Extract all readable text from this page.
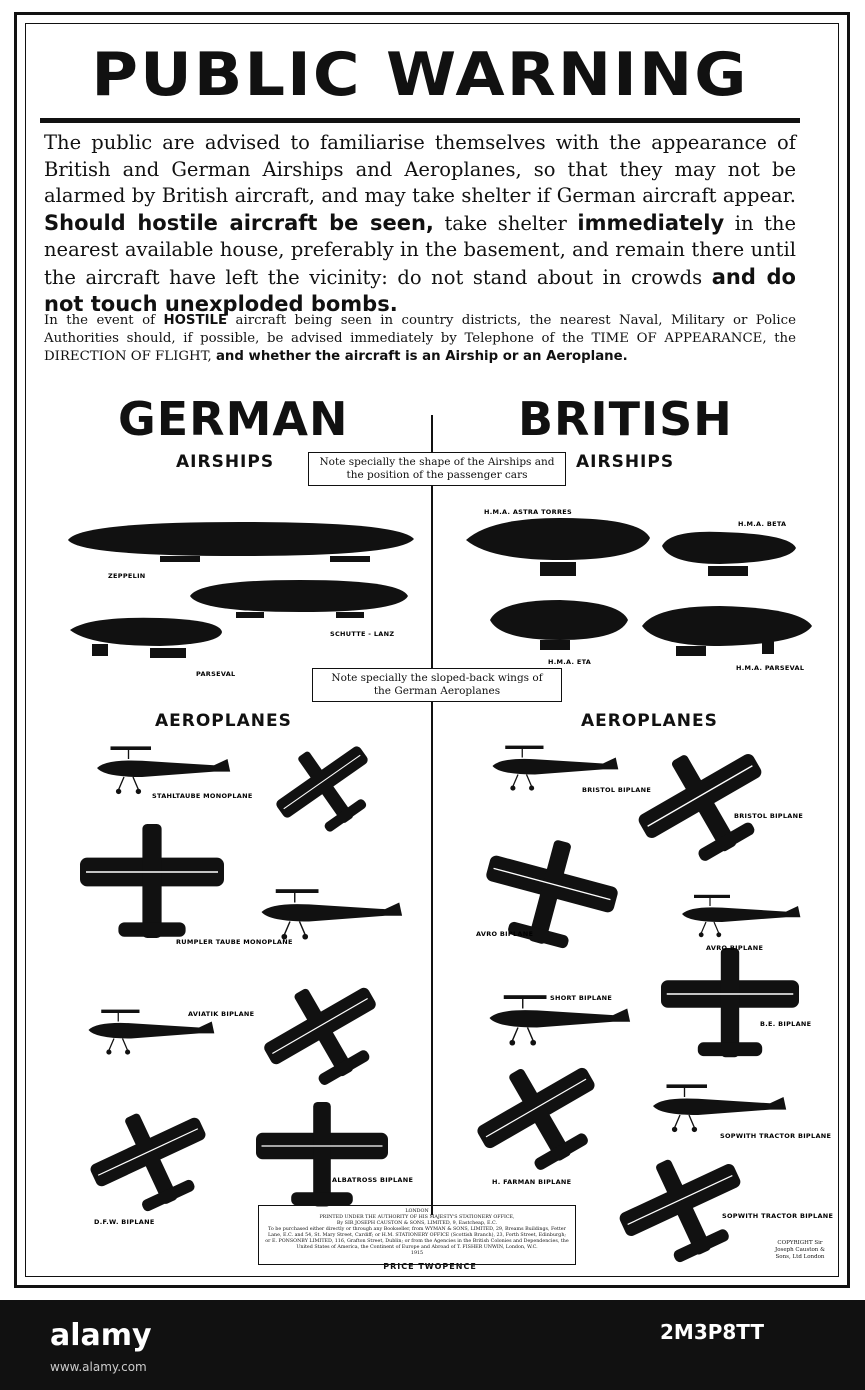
PUBLIC WARNING
The public are advised to familiarise themselves with the appearance of British and German Airships and Aeroplanes, so that they may not be alarmed by British aircraft, and may take shelter if German aircraft appear. Should hostile aircraft be seen, take shelter immediately in the nearest available house, preferably in the basement, and remain there until the aircraft have left the vicinity: do not stand about in crowds and do not touch unexploded bombs.
In the event of HOSTILE aircraft being seen in country districts, the nearest Naval, Military or Police Authorities should, if possible, be advised immediately by Telephone of the TIME OF APPEARANCE, the DIRECTION OF FLIGHT, and whether the aircraft is an Airship or an Aeroplane.
GERMAN	BRITISH
AIRSHIPS	AIRSHIPS
Note specially the shape of the Airships and the position of the passenger cars
Note specially the sloped-back wings of the German Aeroplanes
AEROPLANES	AEROPLANES
ZEPPELIN
SCHUTTE - LANZ
PARSEVAL
H.M.A. ASTRA TORRES
H.M.A. BETA
H.M.A. ETA
H.M.A. PARSEVAL
STAHLTAUBE MONOPLANE
RUMPLER TAUBE MONOPLANE
AVIATIK BIPLANE
ALBATROSS BIPLANE
D.F.W. BIPLANE
BRISTOL BIPLANE
BRISTOL BIPLANE
AVRO BIPLANE
AVRO BIPLANE
SHORT BIPLANE
B.E. BIPLANE
SOPWITH TRACTOR BIPLANE
H. FARMAN BIPLANE
SOPWITH TRACTOR BIPLANE
LONDON
PRINTED UNDER THE AUTHORITY OF HIS MAJESTY'S STATIONERY OFFICE,
By SIR JOSEPH CAUSTON & SONS, LIMITED, 9, Eastcheap, E.C.
To be purchased either directly or through any Bookseller, from WYMAN & SONS, LIMITED, 29, Breams Buildings, Fetter Lane, E.C. and 54, St. Mary Street, Cardiff; or H.M. STATIONERY OFFICE (Scottish Branch), 23, Forth Street, Edinburgh; or E. PONSONBY LIMITED, 116, Grafton Street, Dublin; or from the Agencies in the British Colonies and Dependencies, the United States of America, the Continent of Europe and Abroad of T. FISHER UNWIN, London, W.C.
1915
PRICE TWOPENCE
COPYRIGHT Sir Joseph Causton & Sons, Ltd London
alamy	2M3P8TT
www.alamy.com
